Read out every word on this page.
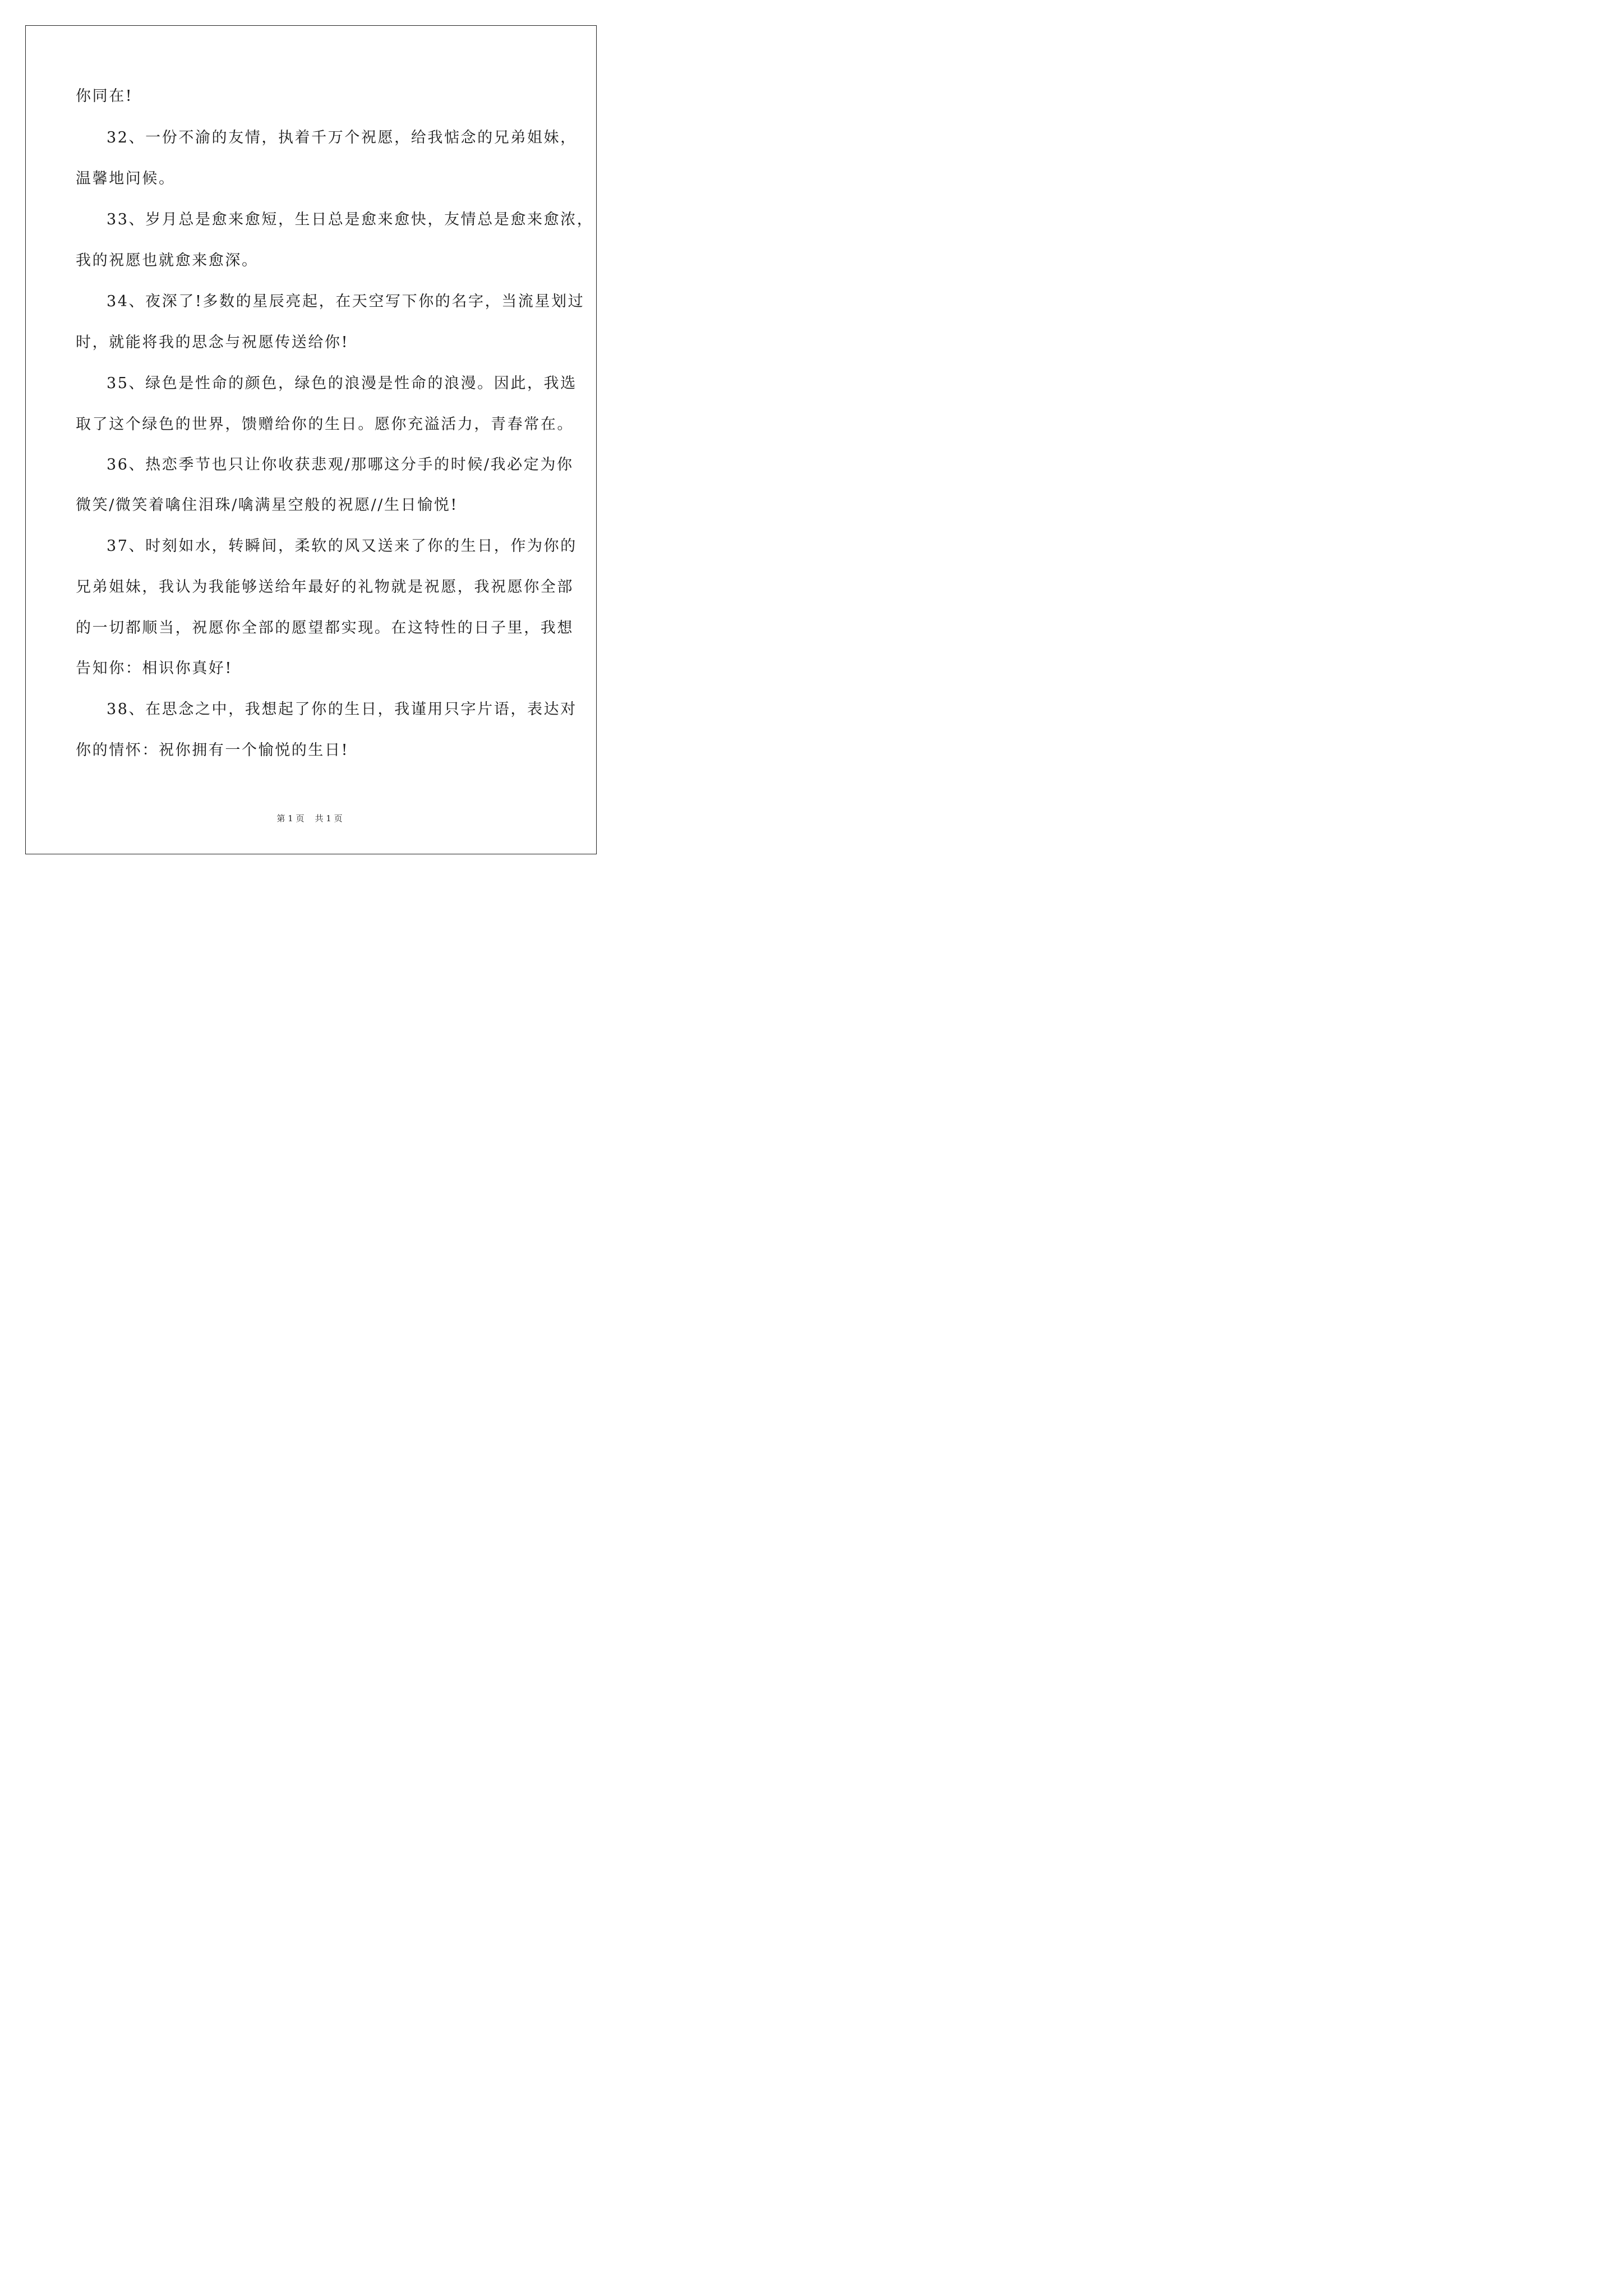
你同在!
32、一份不渝的友情，执着千万个祝愿，给我惦念的兄弟姐妹，
温馨地问候。
33、岁月总是愈来愈短，生日总是愈来愈快，友情总是愈来愈浓，
我的祝愿也就愈来愈深。
34、夜深了!多数的星辰亮起，在天空写下你的名字，当流星划过
时，就能将我的思念与祝愿传送给你!
35、绿色是性命的颜色，绿色的浪漫是性命的浪漫。因此，我选
取了这个绿色的世界，馈赠给你的生日。愿你充溢活力，青春常在。
36、热恋季节也只让你收获悲观/那哪这分手的时候/我必定为你
微笑/微笑着噙住泪珠/噙满星空般的祝愿//生日愉悦!
37、时刻如水，转瞬间，柔软的风又送来了你的生日，作为你的
兄弟姐妹，我认为我能够送给年最好的礼物就是祝愿，我祝愿你全部
的一切都顺当，祝愿你全部的愿望都实现。在这特性的日子里，我想
告知你：相识你真好!
38、在思念之中，我想起了你的生日，我谨用只字片语，表达对
你的情怀：祝你拥有一个愉悦的生日!
第 1 页 共 1 页
